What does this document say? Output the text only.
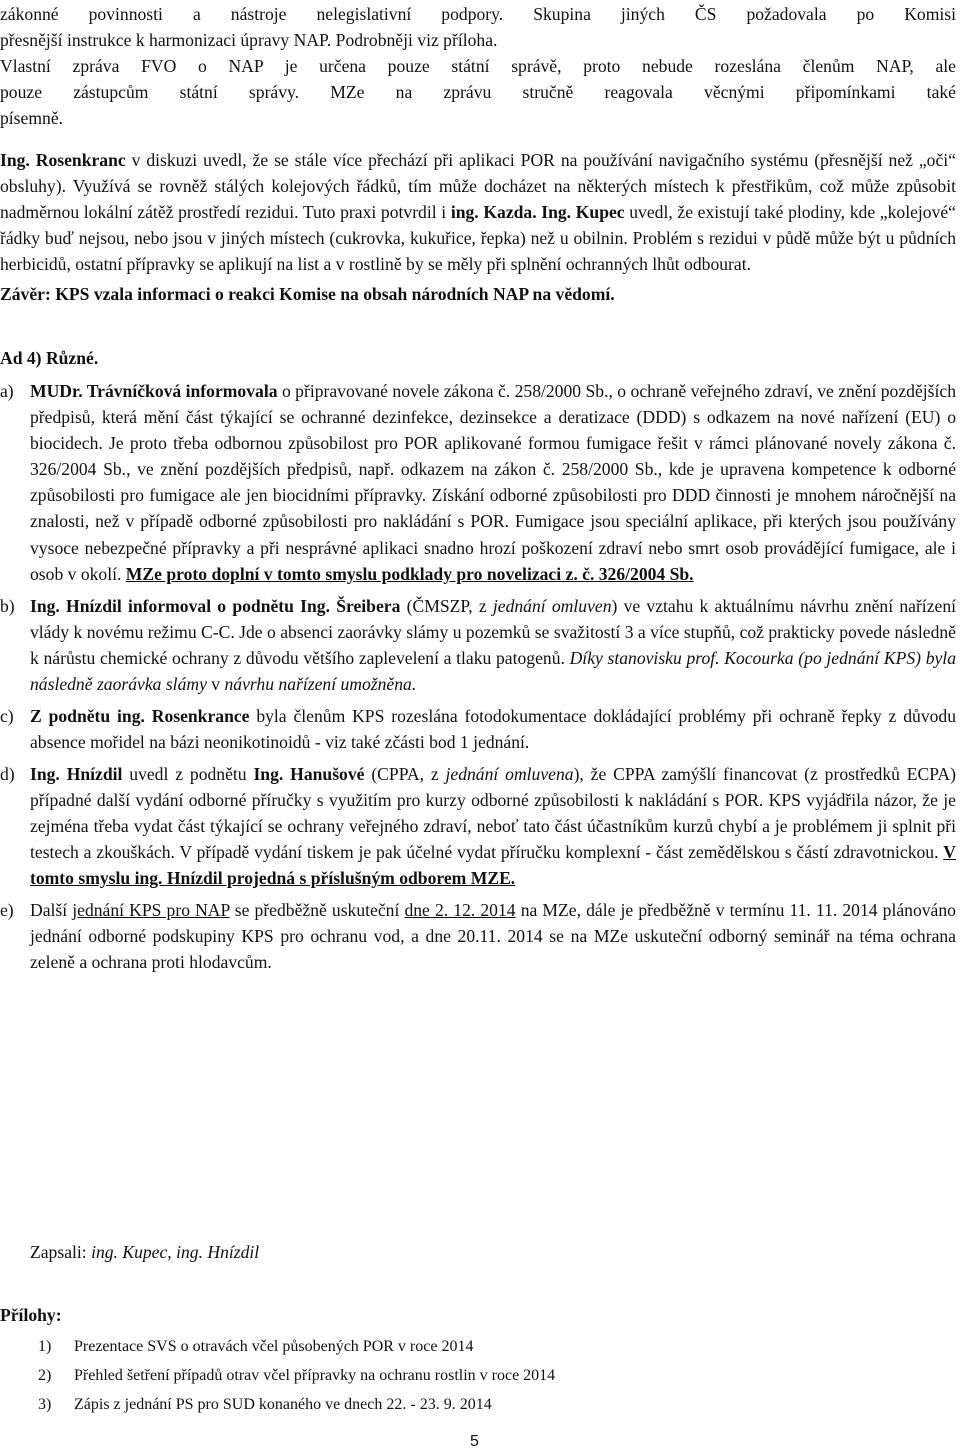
zákonné povinnosti a nástroje nelegislativní podpory. Skupina jiných ČS požadovala po Komisi
přesnější instrukce k harmonizaci úpravy NAP. Podrobněji viz příloha.
Vlastní zpráva FVO o NAP je určena pouze státní správě, proto nebude rozeslána členům NAP, ale
pouze zástupcům státní správy. MZe na zprávu stručně reagovala věcnými připomínkami také
písemně.

Ing. Rosenkranc v diskuzi uvedl, že se stále více přechází při aplikaci POR na používání navigačního systému (přesnější než „oči“ obsluhy). Využívá se rovněž stálých kolejových řádků, tím může docházet na některých místech k přestřikům, což může způsobit nadměrnou lokální zátěž prostředí rezidui. Tuto praxi potvrdil i ing. Kazda. Ing. Kupec uvedl, že existují také plodiny, kde „kolejové“ řádky buď nejsou, nebo jsou v jiných místech (cukrovka, kukuřice, řepka) než u obilnin. Problém s rezidui v půdě může být u půdních herbicidů, ostatní přípravky se aplikují na list a v rostlině by se měly při splnění ochranných lhůt odbourat.

Závěr: KPS vzala informaci o reakci Komise na obsah národních NAP na vědomí.

Ad 4) Různé.

a) MUDr. Trávníčková informovala o připravované novele zákona č. 258/2000 Sb., o ochraně veřejného zdraví, ve znění pozdějších předpisů, která mění část týkající se ochranné dezinfekce, dezinsekce a deratizace (DDD) s odkazem na nové nařízení (EU) o biocidech. Je proto třeba odbornou způsobilost pro POR aplikované formou fumigace řešit v rámci plánované novely zákona č. 326/2004 Sb., ve znění pozdějších předpisů, např. odkazem na zákon č. 258/2000 Sb., kde je upravena kompetence k odborné způsobilosti pro fumigace ale jen biocidními přípravky. Získání odborné způsobilosti pro DDD činnosti je mnohem náročnější na znalosti, než v případě odborné způsobilosti pro nakládání s POR. Fumigace jsou speciální aplikace, při kterých jsou používány vysoce nebezpečné přípravky a při nesprávné aplikaci snadno hrozí poškození zdraví nebo smrt osob provádějící fumigace, ale i osob v okolí. MZe proto doplní v tomto smyslu podklady pro novelizaci z. č. 326/2004 Sb.

b) Ing. Hnízdil informoval o podnětu Ing. Šreibera (ČMSZP, z jednání omluven) ve vztahu k aktuálnímu návrhu znění nařízení vlády k novému režimu C-C. Jde o absenci zaorávky slámy u pozemků se svažitostí 3 a více stupňů, což prakticky povede následně k nárůstu chemické ochrany z důvodu většího zaplevelení a tlaku patogenů. Díky stanovisku prof. Kocourka (po jednání KPS) byla následně zaorávka slámy v návrhu nařízení umožněna.

c) Z podnětu ing. Rosenkrance byla členům KPS rozeslána fotodokumentace dokládající problémy při ochraně řepky z důvodu absence mořidel na bázi neonikotinoidů - viz také zčásti bod 1 jednání.

d) Ing. Hnízdil uvedl z podnětu Ing. Hanušové (CPPA, z jednání omluvena), že CPPA zamýšlí financovat (z prostředků ECPA) případné další vydání odborné příručky s využitím pro kurzy odborné způsobilosti k nakládání s POR. KPS vyjádřila názor, že je zejména třeba vydat část týkající se ochrany veřejného zdraví, neboť tato část účastníkům kurzů chybí a je problémem ji splnit při testech a zkouškách. V případě vydání tiskem je pak účelné vydat příručku komplexní - část zemědělskou s částí zdravotnickou. V tomto smyslu ing. Hnízdil projedná s příslušným odborem MZE.

e) Další jednání KPS pro NAP se předběžně uskuteční dne 2. 12. 2014 na MZe, dále je předběžně v termínu 11. 11. 2014 plánováno jednání odborné podskupiny KPS pro ochranu vod, a dne 20.11. 2014 se na MZe uskuteční odborný seminář na téma ochrana zeleně a ochrana proti hlodavcům.

Zapsali: ing. Kupec, ing. Hnízdil

Přílohy:

1) Prezentace SVS o otravách včel působených POR v roce 2014
2) Přehled šetření případů otrav včel přípravky na ochranu rostlin v roce 2014
3) Zápis z jednání PS pro SUD konaného ve dnech 22. - 23. 9. 2014
5
